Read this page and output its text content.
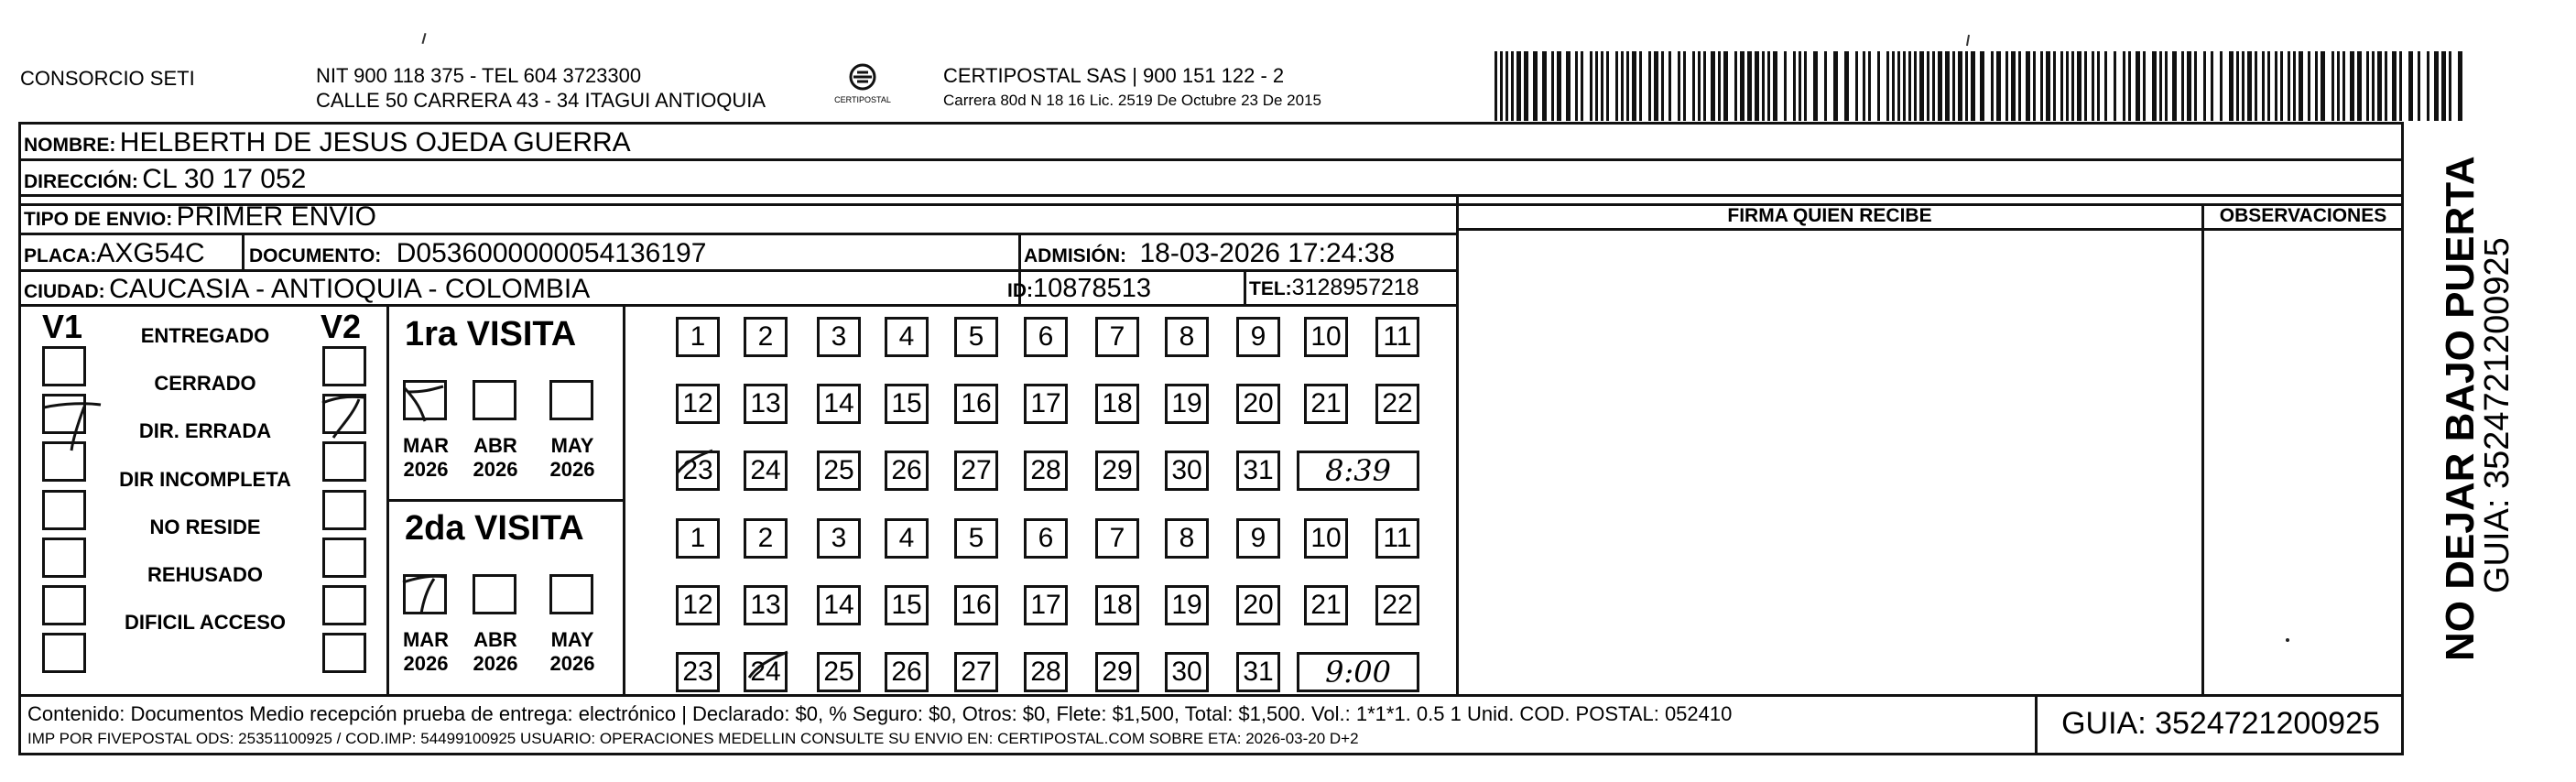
CONSORCIO SETI	NIT 900 118 375 - TEL 604 3723300
CALLE 50 CARRERA 43 - 34 ITAGUI ANTIOQUIA	CERTIPOSTAL
CERTIPOSTAL SAS | 900 151 122 - 2
Carrera 80d N 18 16 Lic. 2519 De Octubre 23 De 2015
NOMBRE: HELBERTH DE JESUS OJEDA GUERRA
DIRECCIÓN: CL 30 17 052
TIPO DE ENVIO: PRIMER ENVIO
PLACA:AXG54C DOCUMENTO: D0536000000054136197	ADMISIÓN: 18-03-2026 17:24:38
CIUDAD: CAUCASIA - ANTIOQUIA - COLOMBIA	ID:10878513	TEL:3128957218
FIRMA QUIEN RECIBE	OBSERVACIONES
V1	V2
ENTREGADO
CERRADO
DIR. ERRADA
DIR INCOMPLETA
NO RESIDE
REHUSADO
DIFICIL ACCESO
1ra VISITA
2da VISITA
MAR
2026
ABR
2026
MAY
2026
MAR
2026
ABR
2026
MAY
2026
1	2	3	4	5	6	7	8	9	10 11
12 13 14 15 16 17 18 19 20 21 22
23 24 25 26 27 28 29 30 31	8:39
1	2	3	4	5	6	7	8	9	10 11
12 13 14 15 16 17 18 19 20 21 22
23 24 25 26 27 28 29 30 31	9:00
Contenido: Documentos Medio recepción prueba de entrega: electrónico | Declarado: $0, % Seguro: $0, Otros: $0, Flete: $1,500, Total: $1,500. Vol.: 1*1*1. 0.5 1 Unid. COD. POSTAL: 052410
IMP POR FIVEPOSTAL ODS: 25351100925 / COD.IMP: 54499100925 USUARIO: OPERACIONES MEDELLIN CONSULTE SU ENVIO EN: CERTIPOSTAL.COM SOBRE ETA: 2026-03-20 D+2	GUIA: 3524721200925
NO DEJAR BAJO PUERTA
GUIA: 3524721200925
